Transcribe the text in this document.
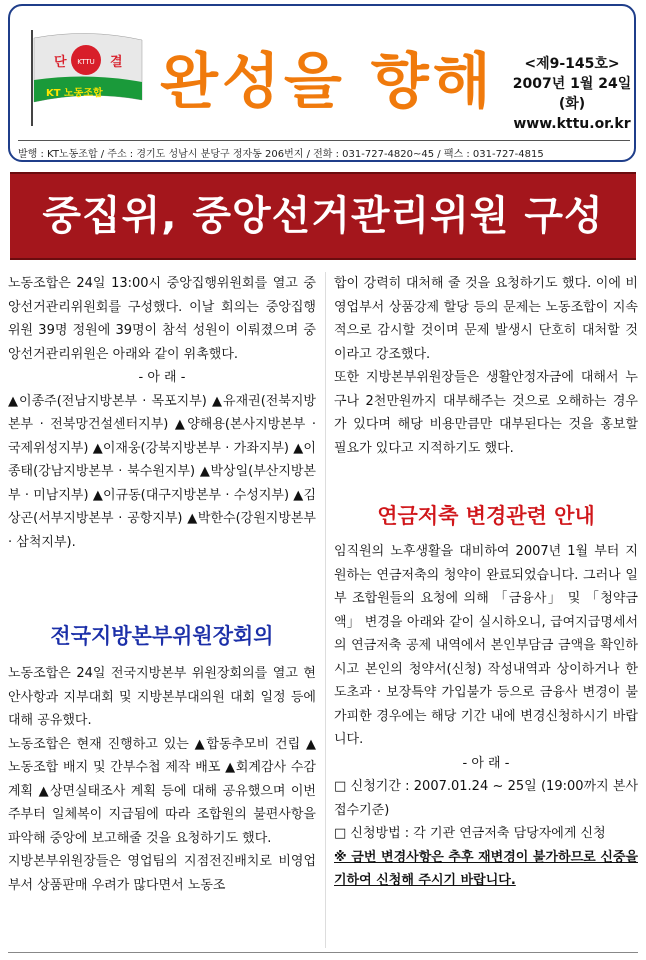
KTTU
단	결
KT 노동조합 완성을 향해	<제9-145호>
2007년 1월 24일(화)
www.kttu.or.kr
발행 : KT노동조합 / 주소 : 경기도 성남시 분당구 정자동 206번지 / 전화 : 031-727-4820~45 / 팩스 : 031-727-4815
중집위, 중앙선거관리위원 구성

노동조합은 24일 13:00시 중앙집행위원회를 열고 중앙선거관리위원회를 구성했다. 이날 회의는 중앙집행위원 39명 정원에 39명이 참석 성원이 이뤄졌으며 중앙선거관리위원은 아래와 같이 위촉했다.

- 아 래 -

▲이종주(전남지방본부 · 목포지부) ▲유재권(전북지방본부 · 전북망건설센터지부) ▲양해용(본사지방본부 · 국제위성지부) ▲이재웅(강북지방본부 · 가좌지부) ▲이종태(강남지방본부 · 북수원지부) ▲박상일(부산지방본부 · 미남지부) ▲이규동(대구지방본부 · 수성지부) ▲김상곤(서부지방본부 · 공항지부) ▲박한수(강원지방본부 · 삼척지부).

전국지방본부위원장회의

노동조합은 24일 전국지방본부 위원장회의를 열고 현안사항과 지부대회 및 지방본부대의원 대회 일정 등에 대해 공유했다.

노동조합은 현재 진행하고 있는 ▲합동추모비 건립 ▲노동조합 배지 및 간부수첩 제작 배포 ▲회계감사 수감 계획 ▲상면실태조사 계획 등에 대해 공유했으며 이번 주부터 일체복이 지급됨에 따라 조합원의 불편사항을 파악해 중앙에 보고해줄 것을 요청하기도 했다.

지방본부위원장들은 영업팀의 지점전진배치로 비영업부서 상품판매 우려가 많다면서 노동조

합이 강력히 대처해 줄 것을 요청하기도 했다. 이에 비영업부서 상품강제 할당 등의 문제는 노동조합이 지속적으로 감시할 것이며 문제 발생시 단호히 대처할 것이라고 강조했다.

또한 지방본부위원장들은 생활안정자금에 대해서 누구나 2천만원까지 대부해주는 것으로 오해하는 경우가 있다며 해당 비용만큼만 대부된다는 것을 홍보할 필요가 있다고 지적하기도 했다.

연금저축 변경관련 안내

임직원의 노후생활을 대비하여 2007년 1월 부터 지원하는 연금저축의 청약이 완료되었습니다. 그러나 일부 조합원들의 요청에 의해 「금융사」 및 「청약금액」 변경을 아래와 같이 실시하오니, 급여지급명세서의 연금저축 공제 내역에서 본인부담금 금액을 확인하시고 본인의 청약서(신청) 작성내역과 상이하거나 한도초과 · 보장특약 가입불가 등으로 금융사 변경이 불가피한 경우에는 해당 기간 내에 변경신청하시기 바랍니다.

- 아 래 -

□ 신청기간 : 2007.01.24 ~ 25일 (19:00까지 본사접수기준)

□ 신청방법 : 각 기관 연금저축 담당자에게 신청

※ 금번 변경사항은 추후 재변경이 불가하므로 신중을 기하여 신청해 주시기 바랍니다.
